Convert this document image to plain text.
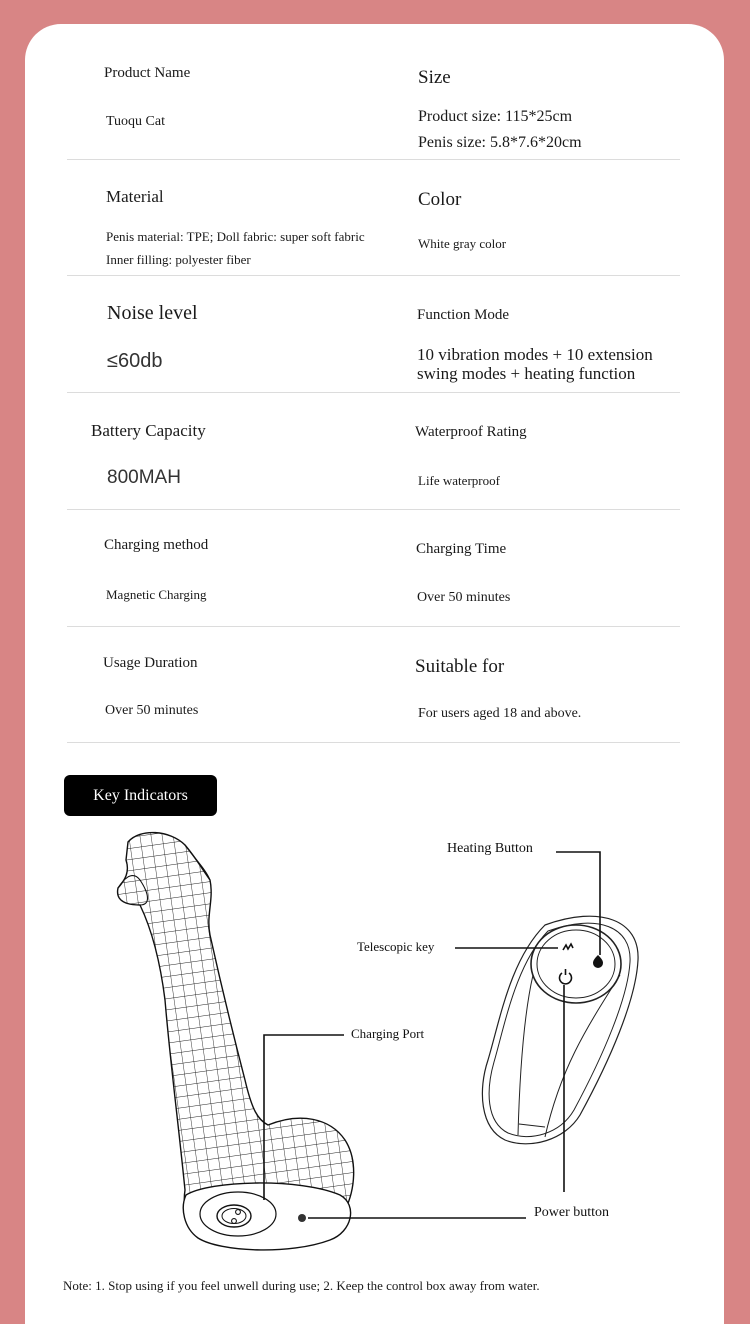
Product Name
Tuoqu Cat
Size
Product size: 115*25cm
Penis size: 5.8*7.6*20cm
Material
Penis material: TPE; Doll fabric: super soft fabric
Inner filling: polyester fiber
Color
White gray color
Noise level
≤60db
Function Mode
10 vibration modes + 10 extension
swing modes + heating function
Battery Capacity
800MAH
Waterproof Rating
Life waterproof
Charging method
Magnetic Charging
Charging Time
Over 50 minutes
Usage Duration
Over 50 minutes
Suitable for
For users aged 18 and above.
Key Indicators
Heating Button
Telescopic key
Charging Port
Power button
Note: 1. Stop using if you feel unwell during use; 2. Keep the control box away from water.
